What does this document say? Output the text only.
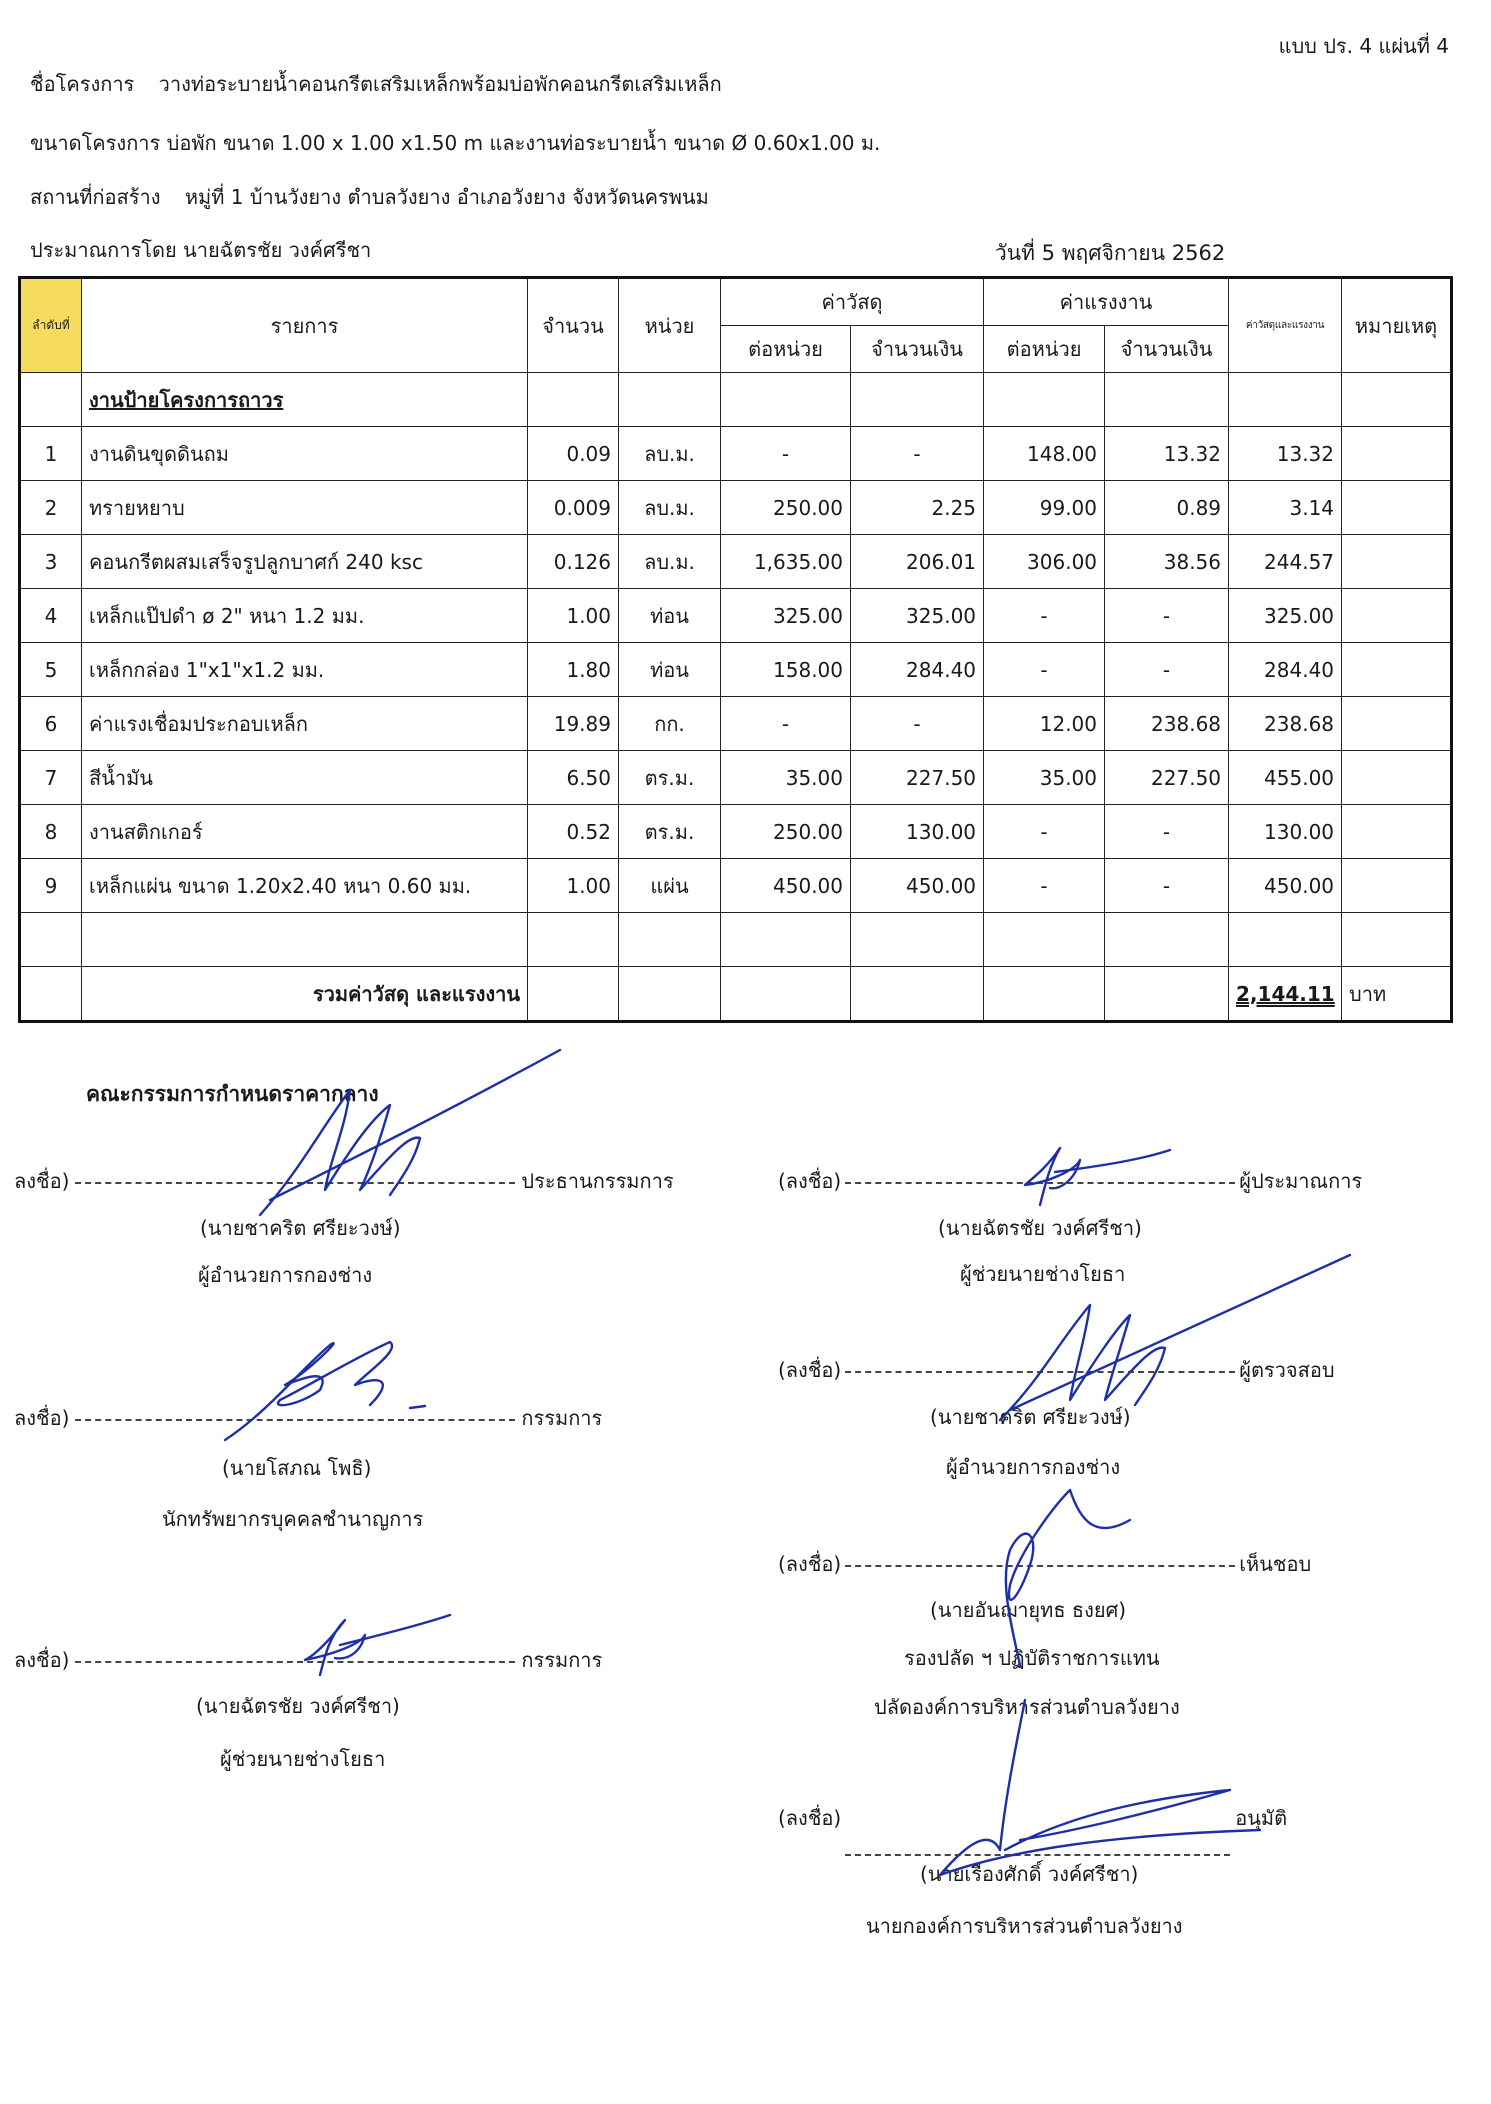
แบบ ปร. 4 แผ่นที่ 4
ชื่อโครงการ วางท่อระบายน้ำคอนกรีตเสริมเหล็กพร้อมบ่อพักคอนกรีตเสริมเหล็ก
ขนาดโครงการ บ่อพัก ขนาด 1.00 x 1.00 x1.50 m และงานท่อระบายน้ำ ขนาด Ø 0.60x1.00 ม.
สถานที่ก่อสร้าง หมู่ที่ 1 บ้านวังยาง ตำบลวังยาง อำเภอวังยาง จังหวัดนครพนม
ประมาณการโดย นายฉัตรชัย วงค์ศรีชา	วันที่ 5 พฤศจิกายน 2562
ลำดับที่	รายการ	จำนวน	หน่วย	ค่าวัสดุ		ค่าแรงงาน		ค่าวัสดุและแรงงาน	หมายเหตุ
				ต่อหน่วย	จำนวนเงิน	ต่อหน่วย	จำนวนเงิน		
	งานป้ายโครงการถาวร								
1	งานดินขุดดินถม	0.09	ลบ.ม.	-	-	148.00	13.32	13.32	
2	ทรายหยาบ	0.009	ลบ.ม.	250.00	2.25	99.00	0.89	3.14	
3	คอนกรีตผสมเสร็จรูปลูกบาศก์ 240 ksc	0.126	ลบ.ม.	1,635.00	206.01	306.00	38.56	244.57	
4	เหล็กแป๊ปดำ ø 2" หนา 1.2 มม.	1.00	ท่อน	325.00	325.00	-	-	325.00	
5	เหล็กกล่อง 1"x1"x1.2 มม.	1.80	ท่อน	158.00	284.40	-	-	284.40	
6	ค่าแรงเชื่อมประกอบเหล็ก	19.89	กก.	-	-	12.00	238.68	238.68	
7	สีน้ำมัน	6.50	ตร.ม.	35.00	227.50	35.00	227.50	455.00	
8	งานสติกเกอร์	0.52	ตร.ม.	250.00	130.00	-	-	130.00	
9	เหล็กแผ่น ขนาด 1.20x2.40 หนา 0.60 มม.	1.00	แผ่น	450.00	450.00	-	-	450.00	

	รวมค่าวัสดุ และแรงงาน							2,144.11	บาท
คณะกรรมการกำหนดราคากลาง
ลงชื่อ)	ประธานกรรมการ
(นายชาคริต ศรียะวงษ์)
ผู้อำนวยการกองช่าง
ลงชื่อ)	กรรมการ
(นายโสภณ โพธิ)
นักทรัพยากรบุคคลชำนาญการ
ลงชื่อ)	กรรมการ
(นายฉัตรชัย วงค์ศรีชา)
ผู้ช่วยนายช่างโยธา
(ลงชื่อ)	ผู้ประมาณการ
(นายฉัตรชัย วงค์ศรีชา)
ผู้ช่วยนายช่างโยธา
(ลงชื่อ)	ผู้ตรวจสอบ
(นายชาคริต ศรียะวงษ์)
ผู้อำนวยการกองช่าง
(ลงชื่อ)	เห็นชอบ
(นายอันฌายุทธ ธงยศ)
รองปลัด ฯ ปฏิบัติราชการแทน
ปลัดองค์การบริหารส่วนตำบลวังยาง
(ลงชื่อ)	อนุมัติ
(นายเรืองศักดิ์ วงค์ศรีชา)
นายกองค์การบริหารส่วนตำบลวังยาง
